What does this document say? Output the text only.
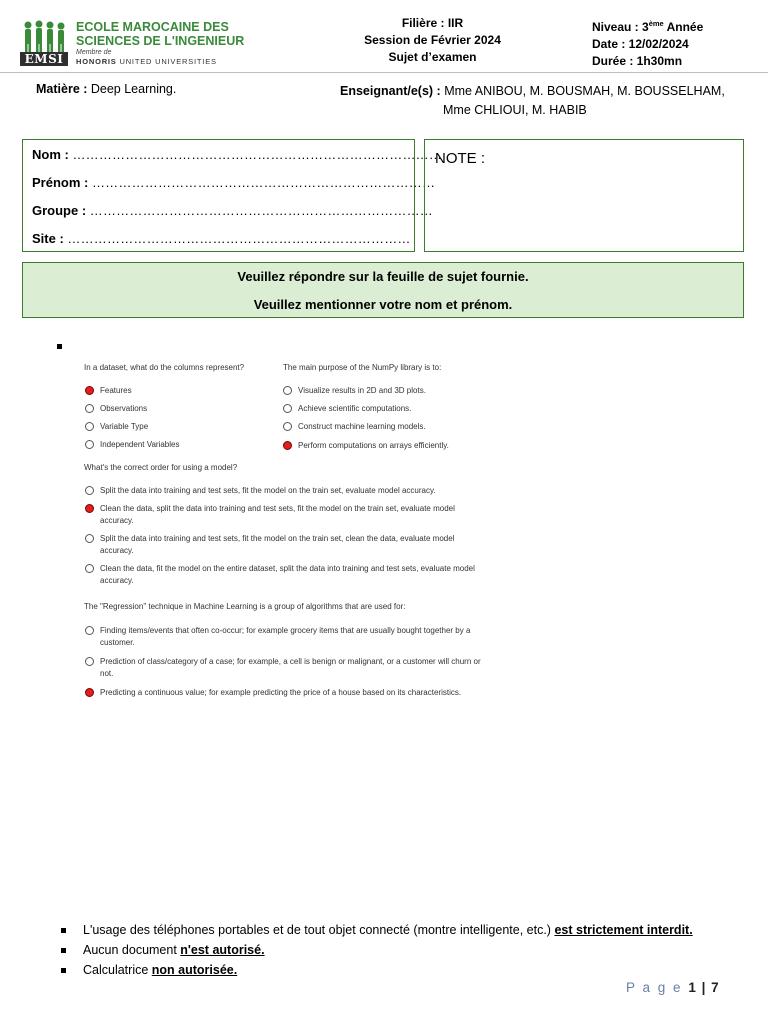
EMSI
ECOLE MAROCAINE DES
SCIENCES DE L'INGENIEUR
Membre de
HONORIS UNITED UNIVERSITIES
Filière : IIR
Session de Février 2024
Sujet d’examen
Niveau : 3ème Année
Date : 12/02/2024
Durée : 1h30mn
Matière : Deep Learning.	Enseignant/e(s) : Mme ANIBOU, M. BOUSMAH, M. BOUSSELHAM,
Mme CHLIOUI, M. HABIB
Nom : …………………………………………………………………………
Prénom : ……………………………………………………………………
Groupe : ……………………………………………………………………
Site : ……………………………………………………………………
NOTE :
Veuillez répondre sur la feuille de sujet fournie.
Veuillez mentionner votre nom et prénom.
In a dataset, what do the columns represent?
Features
Observations
Variable Type
Independent Variables
The main purpose of the NumPy library is to:
Visualize results in 2D and 3D plots.
Achieve scientific computations.
Construct machine learning models.
Perform computations on arrays efficiently.
What's the correct order for using a model?
Split the data into training and test sets, fit the model on the train set, evaluate model accuracy.
Clean the data, split the data into training and test sets, fit the model on the train set, evaluate model accuracy.
Split the data into training and test sets, fit the model on the train set, clean the data, evaluate model accuracy.
Clean the data, fit the model on the entire dataset, split the data into training and test sets, evaluate model accuracy.
The "Regression" technique in Machine Learning is a group of algorithms that are used for:
Finding items/events that often co-occur; for example grocery items that are usually bought together by a customer.
Prediction of class/category of a case; for example, a cell is benign or malignant, or a customer will churn or not.
Predicting a continuous value; for example predicting the price of a house based on its characteristics.
L'usage des téléphones portables et de tout objet connecté (montre intelligente, etc.) est strictement interdit.
Aucun document n'est autorisé.
Calculatrice non autorisée.
P a g e 1 | 7
